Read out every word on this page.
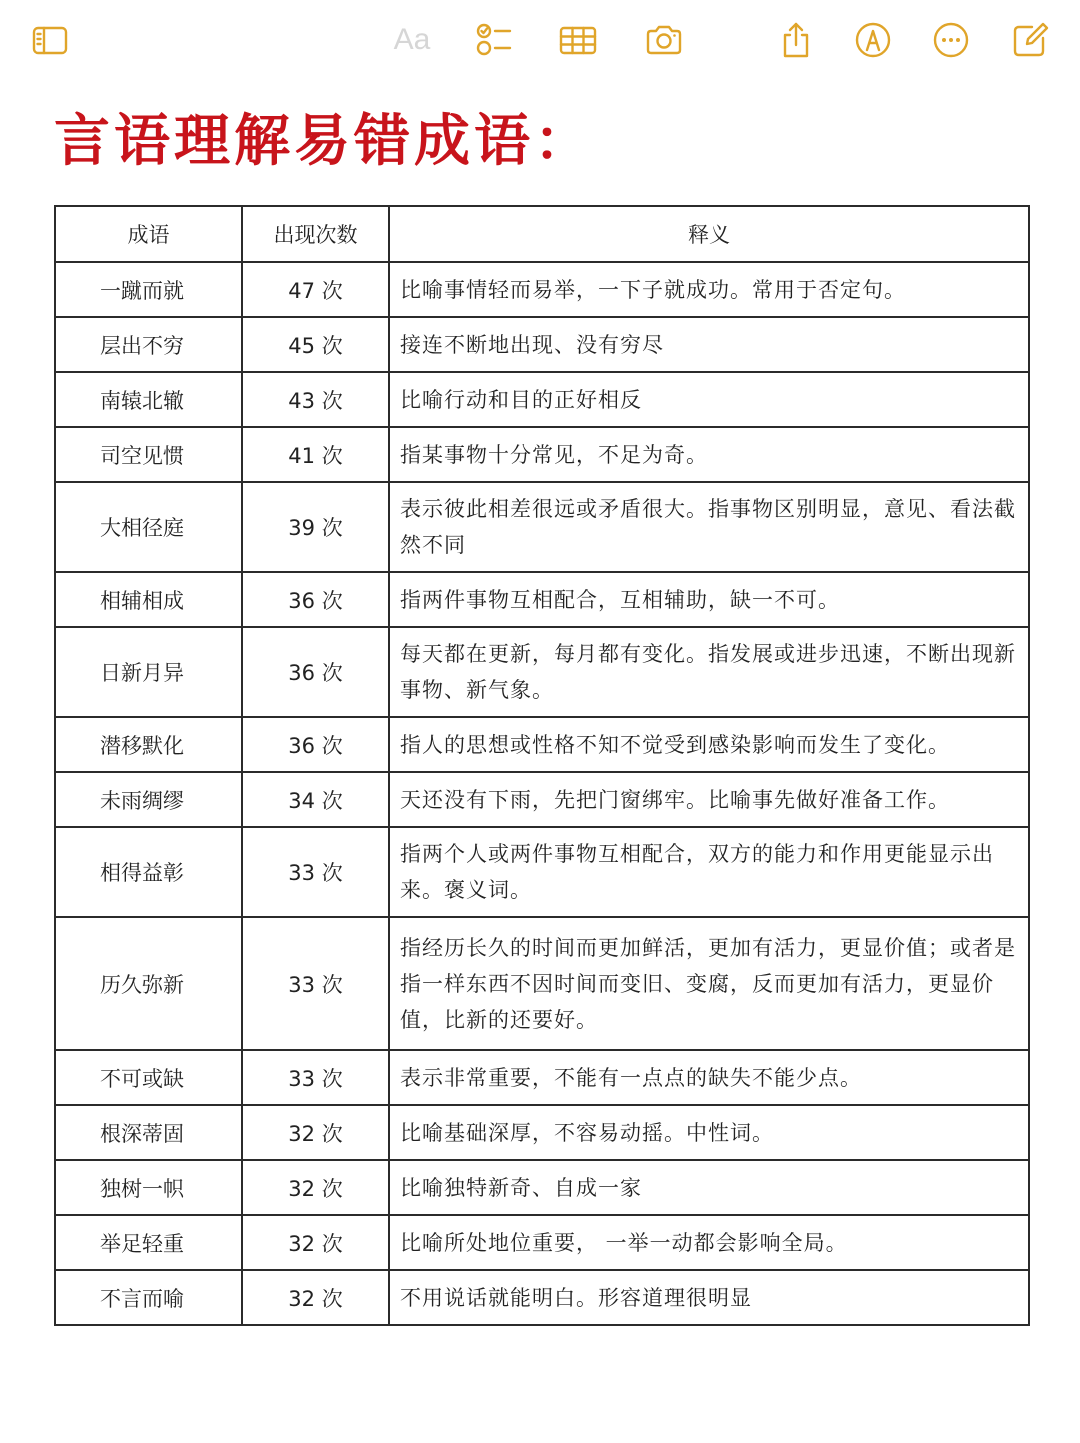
Aa
言语理解易错成语：
成语	出现次数	释义
一蹴而就	47 次	比喻事情轻而易举，一下子就成功。常用于否定句。
层出不穷	45 次	接连不断地出现、没有穷尽
南辕北辙	43 次	比喻行动和目的正好相反
司空见惯	41 次	指某事物十分常见，不足为奇。
大相径庭	39 次	表示彼此相差很远或矛盾很大。指事物区别明显，意见、看法截然不同
相辅相成	36 次	指两件事物互相配合，互相辅助，缺一不可。
日新月异	36 次	每天都在更新，每月都有变化。指发展或进步迅速，不断出现新事物、新气象。
潜移默化	36 次	指人的思想或性格不知不觉受到感染影响而发生了变化。
未雨绸缪	34 次	天还没有下雨，先把门窗绑牢。比喻事先做好准备工作。
相得益彰	33 次	指两个人或两件事物互相配合，双方的能力和作用更能显示出来。褒义词。
历久弥新	33 次	指经历长久的时间而更加鲜活，更加有活力，更显价值；或者是指一样东西不因时间而变旧、变腐，反而更加有活力，更显价值，比新的还要好。
不可或缺	33 次	表示非常重要，不能有一点点的缺失不能少点。
根深蒂固	32 次	比喻基础深厚，不容易动摇。中性词。
独树一帜	32 次	比喻独特新奇、自成一家
举足轻重	32 次	比喻所处地位重要， 一举一动都会影响全局。
不言而喻	32 次	不用说话就能明白。形容道理很明显
